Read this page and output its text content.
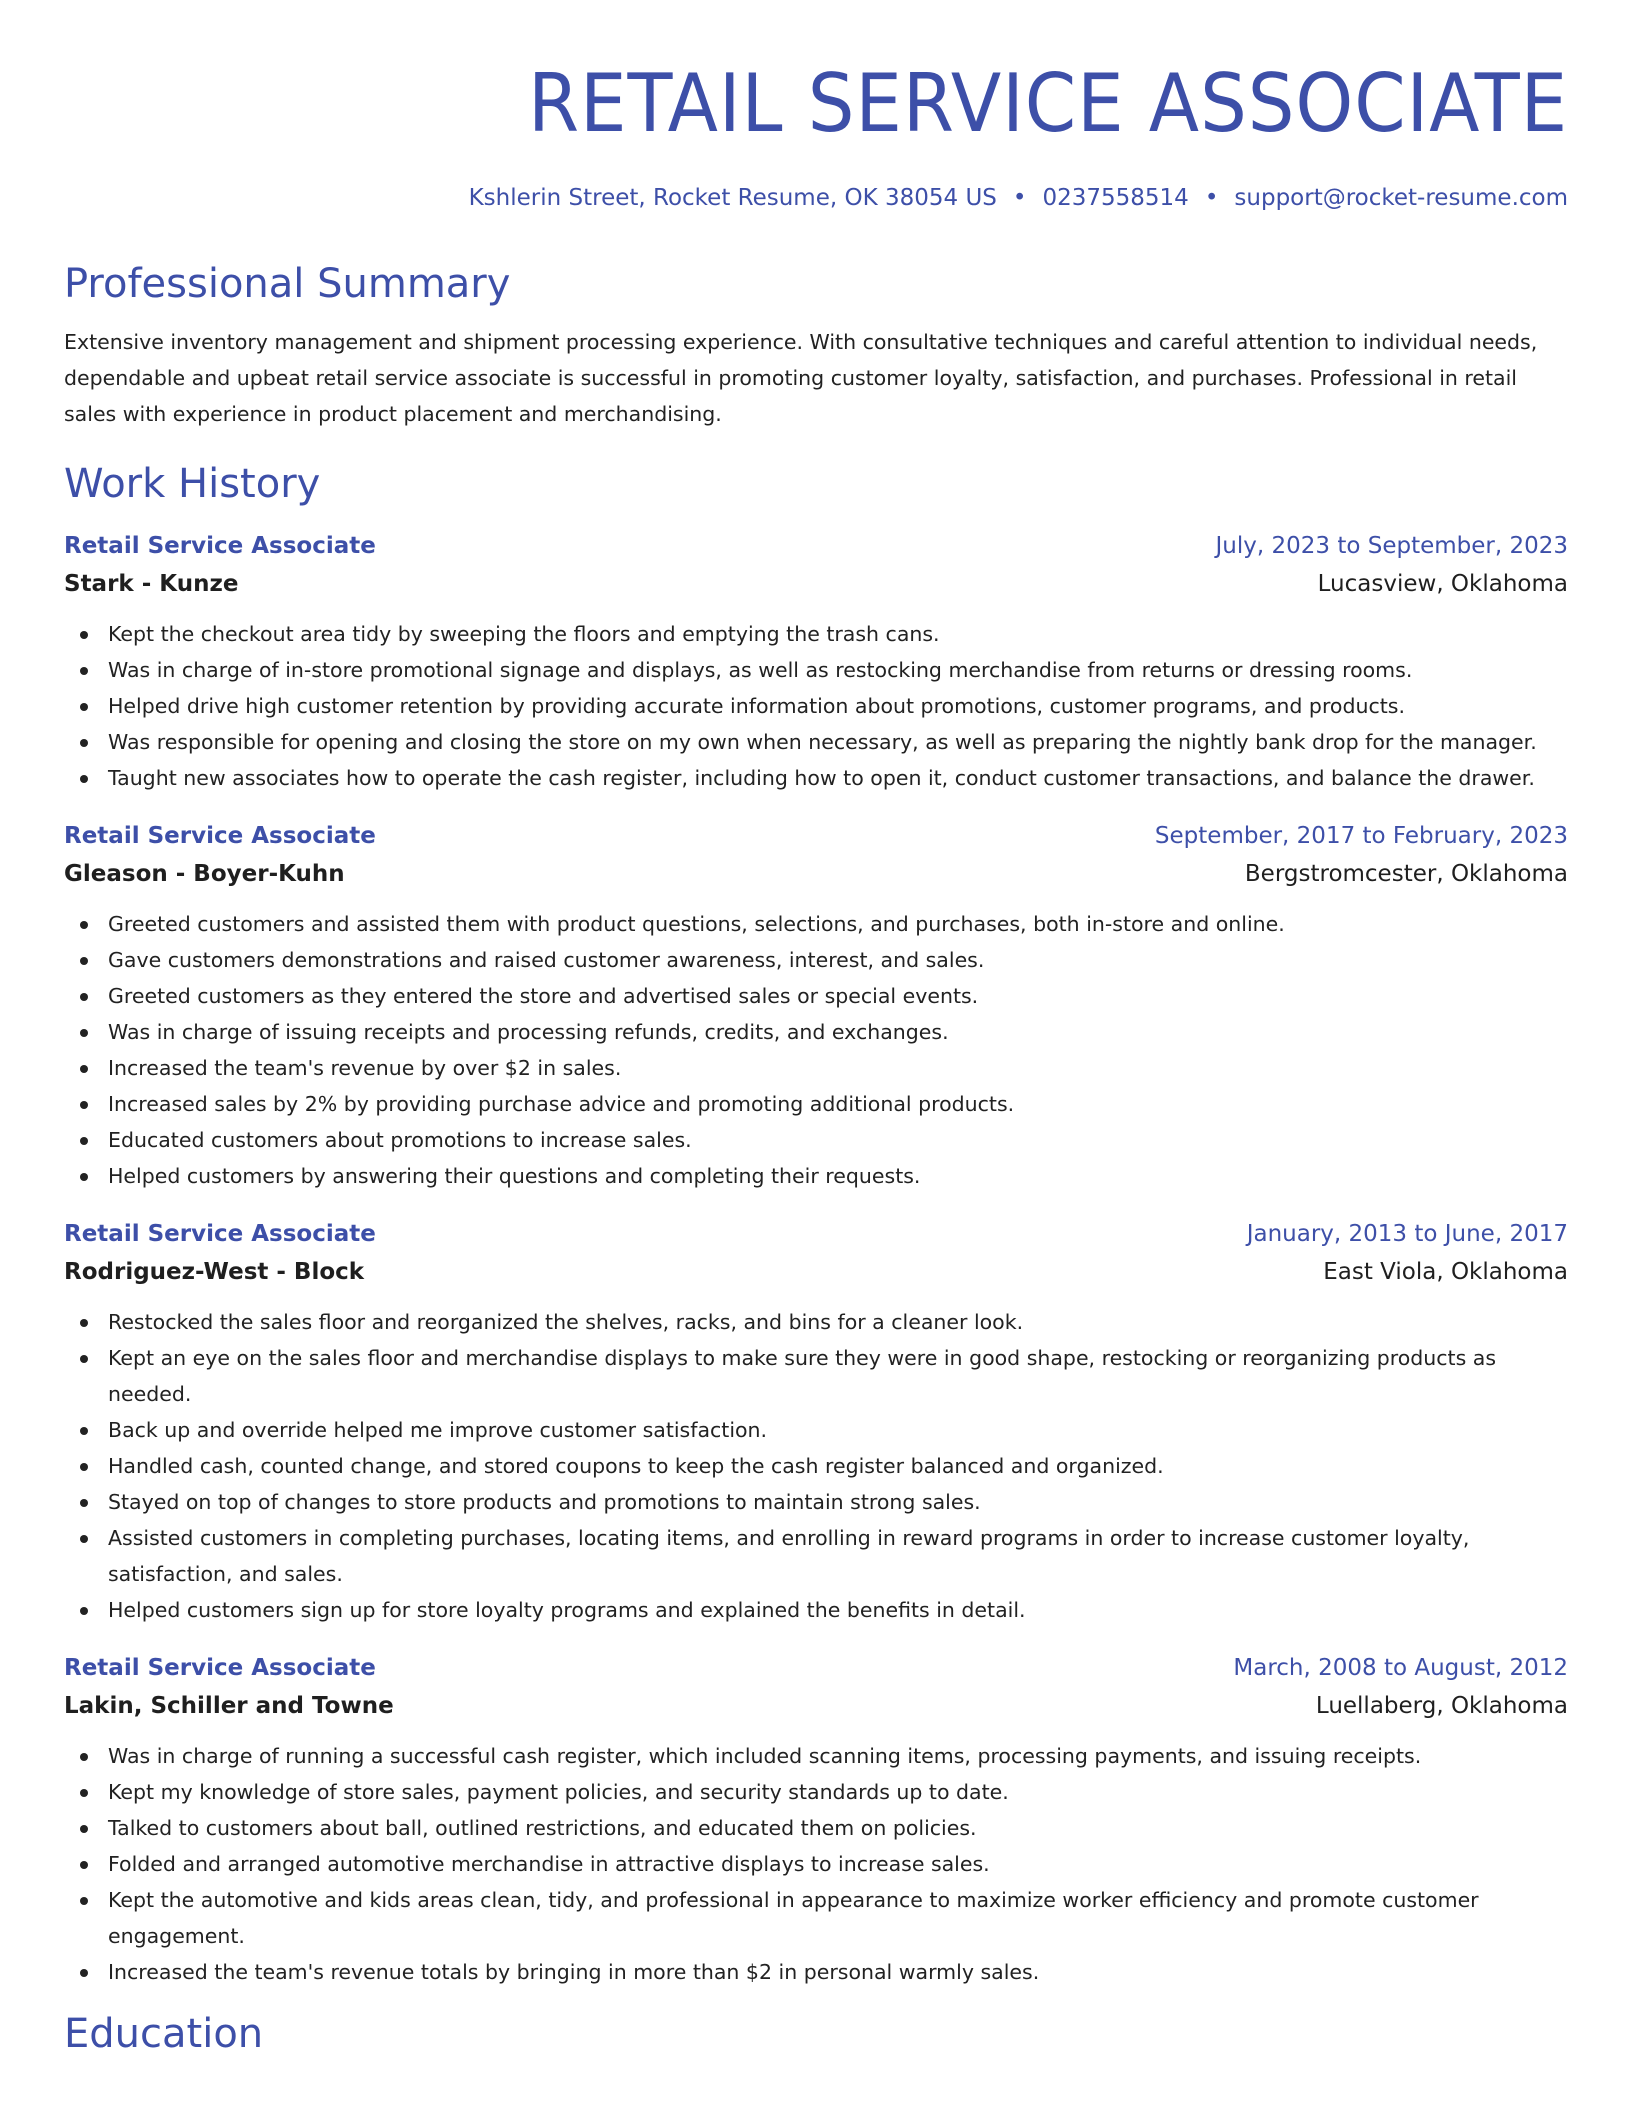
RETAIL SERVICE ASSOCIATE
Kshlerin Street, Rocket Resume, OK 38054 US • 0237558514 • support@rocket-resume.com
Professional Summary

Extensive inventory management and shipment processing experience. With consultative techniques and careful attention to individual needs, dependable and upbeat retail service associate is successful in promoting customer loyalty, satisfaction, and purchases. Professional in retail sales with experience in product placement and merchandising.

Work History
Retail Service Associate	July, 2023 to September, 2023
Stark - Kunze	Lucasview, Oklahoma
Kept the checkout area tidy by sweeping the floors and emptying the trash cans.
Was in charge of in-store promotional signage and displays, as well as restocking merchandise from returns or dressing rooms.
Helped drive high customer retention by providing accurate information about promotions, customer programs, and products.
Was responsible for opening and closing the store on my own when necessary, as well as preparing the nightly bank drop for the manager.
Taught new associates how to operate the cash register, including how to open it, conduct customer transactions, and balance the drawer.
Retail Service Associate	September, 2017 to February, 2023
Gleason - Boyer-Kuhn	Bergstromcester, Oklahoma
Greeted customers and assisted them with product questions, selections, and purchases, both in-store and online.
Gave customers demonstrations and raised customer awareness, interest, and sales.
Greeted customers as they entered the store and advertised sales or special events.
Was in charge of issuing receipts and processing refunds, credits, and exchanges.
Increased the team's revenue by over $2 in sales.
Increased sales by 2% by providing purchase advice and promoting additional products.
Educated customers about promotions to increase sales.
Helped customers by answering their questions and completing their requests.
Retail Service Associate	January, 2013 to June, 2017
Rodriguez-West - Block	East Viola, Oklahoma
Restocked the sales floor and reorganized the shelves, racks, and bins for a cleaner look.
Kept an eye on the sales floor and merchandise displays to make sure they were in good shape, restocking or reorganizing products as needed.
Back up and override helped me improve customer satisfaction.
Handled cash, counted change, and stored coupons to keep the cash register balanced and organized.
Stayed on top of changes to store products and promotions to maintain strong sales.
Assisted customers in completing purchases, locating items, and enrolling in reward programs in order to increase customer loyalty, satisfaction, and sales.
Helped customers sign up for store loyalty programs and explained the benefits in detail.
Retail Service Associate	March, 2008 to August, 2012
Lakin, Schiller and Towne	Luellaberg, Oklahoma
Was in charge of running a successful cash register, which included scanning items, processing payments, and issuing receipts.
Kept my knowledge of store sales, payment policies, and security standards up to date.
Talked to customers about ball, outlined restrictions, and educated them on policies.
Folded and arranged automotive merchandise in attractive displays to increase sales.
Kept the automotive and kids areas clean, tidy, and professional in appearance to maximize worker efficiency and promote customer engagement.
Increased the team's revenue totals by bringing in more than $2 in personal warmly sales.
Education
